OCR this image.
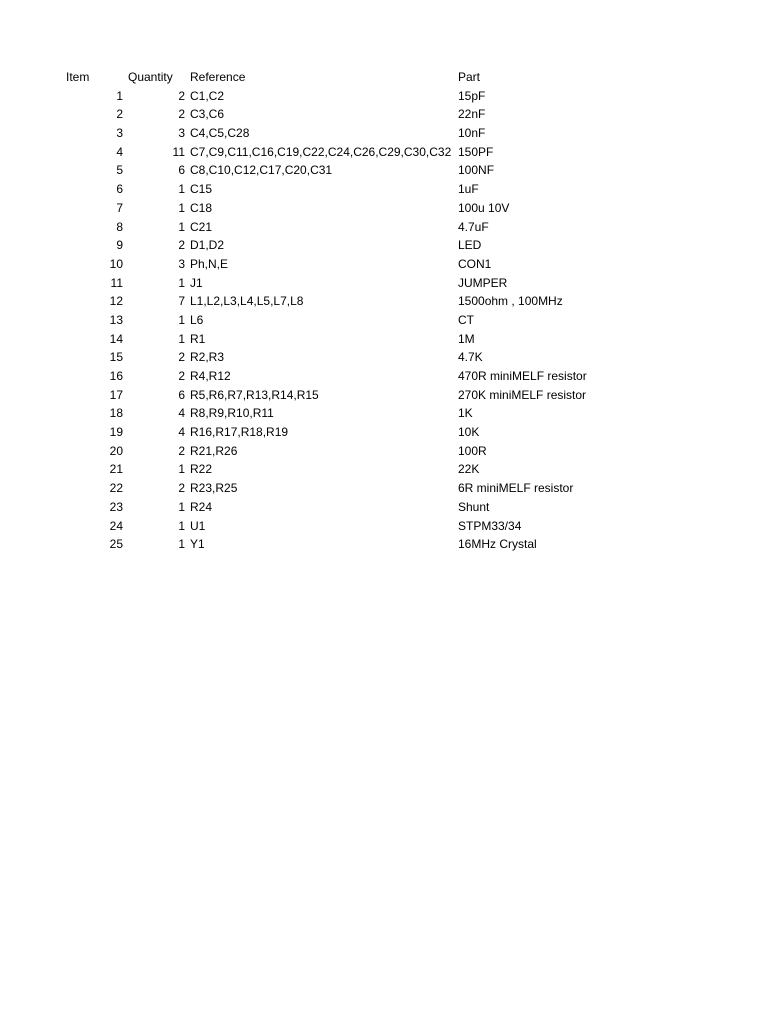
Item	Quantity Reference	Part
1	2 C1,C2	15pF
2	2 C3,C6	22nF
3	3 C4,C5,C28	10nF
4	11 C7,C9,C11,C16,C19,C22,C24,C26,C29,C30,C32 150PF
5	6 C8,C10,C12,C17,C20,C31	100NF
6	1 C15	1uF
7	1 C18	100u 10V
8	1 C21	4.7uF
9	2 D1,D2	LED
10	3 Ph,N,E	CON1
11	1 J1	JUMPER
12	7 L1,L2,L3,L4,L5,L7,L8	1500ohm , 100MHz
13	1 L6	CT
14	1 R1	1M
15	2 R2,R3	4.7K
16	2 R4,R12	470R miniMELF resistor
17	6 R5,R6,R7,R13,R14,R15	270K miniMELF resistor
18	4 R8,R9,R10,R11	1K
19	4 R16,R17,R18,R19	10K
20	2 R21,R26	100R
21	1 R22	22K
22	2 R23,R25	6R miniMELF resistor
23	1 R24	Shunt
24	1 U1	STPM33/34
25	1 Y1	16MHz Crystal
